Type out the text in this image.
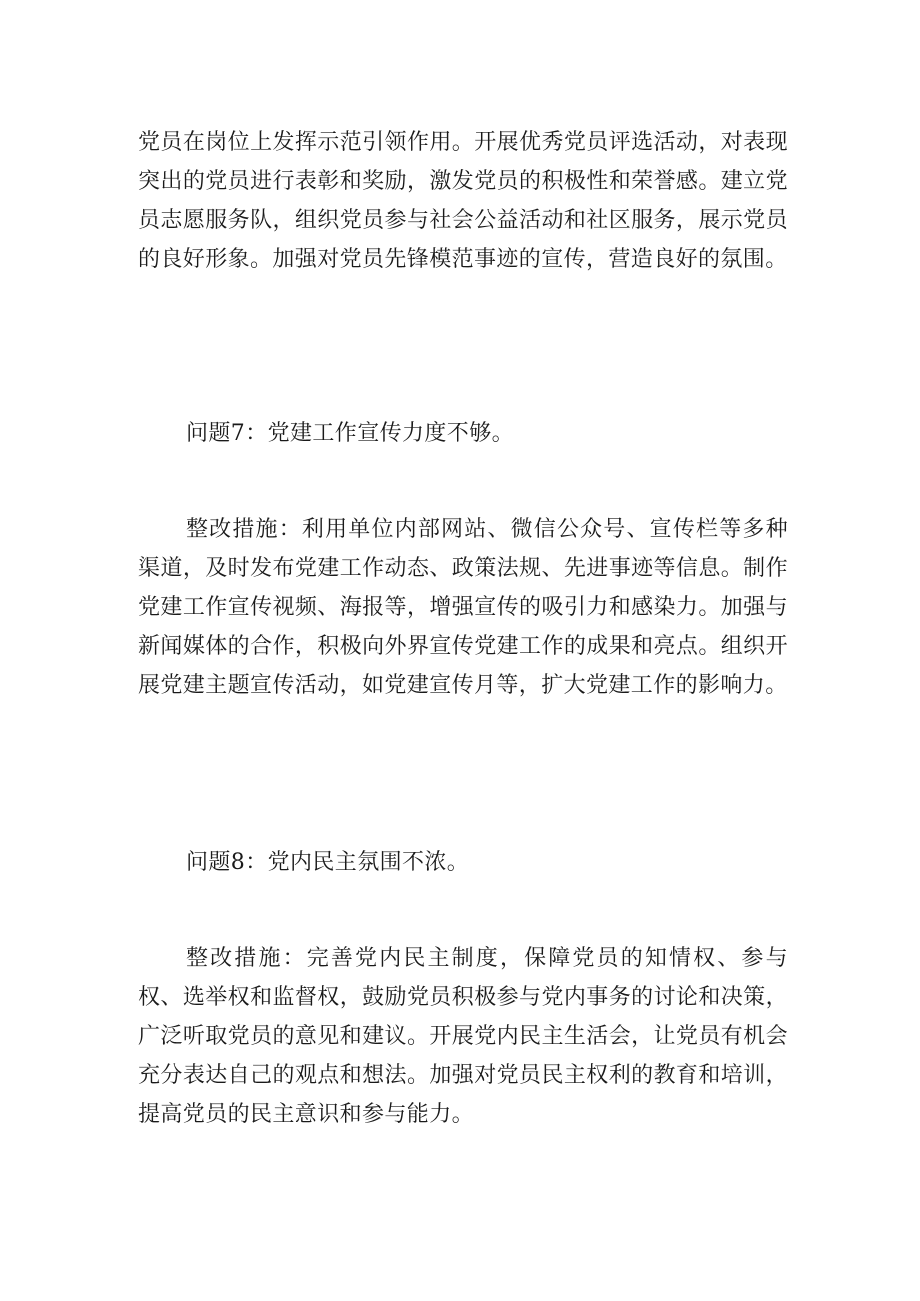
党员在岗位上发挥示范引领作用。开展优秀党员评选活动，对表现突出的党员进行表彰和奖励，激发党员的积极性和荣誉感。建立党员志愿服务队，组织党员参与社会公益活动和社区服务，展示党员的良好形象。加强对党员先锋模范事迹的宣传，营造良好的氛围。

问题7：党建工作宣传力度不够。

整改措施：利用单位内部网站、微信公众号、宣传栏等多种渠道，及时发布党建工作动态、政策法规、先进事迹等信息。制作党建工作宣传视频、海报等，增强宣传的吸引力和感染力。加强与新闻媒体的合作，积极向外界宣传党建工作的成果和亮点。组织开展党建主题宣传活动，如党建宣传月等，扩大党建工作的影响力。

问题8：党内民主氛围不浓。

整改措施：完善党内民主制度，保障党员的知情权、参与权、选举权和监督权，鼓励党员积极参与党内事务的讨论和决策，广泛听取党员的意见和建议。开展党内民主生活会，让党员有机会充分表达自己的观点和想法。加强对党员民主权利的教育和培训，提高党员的民主意识和参与能力。
